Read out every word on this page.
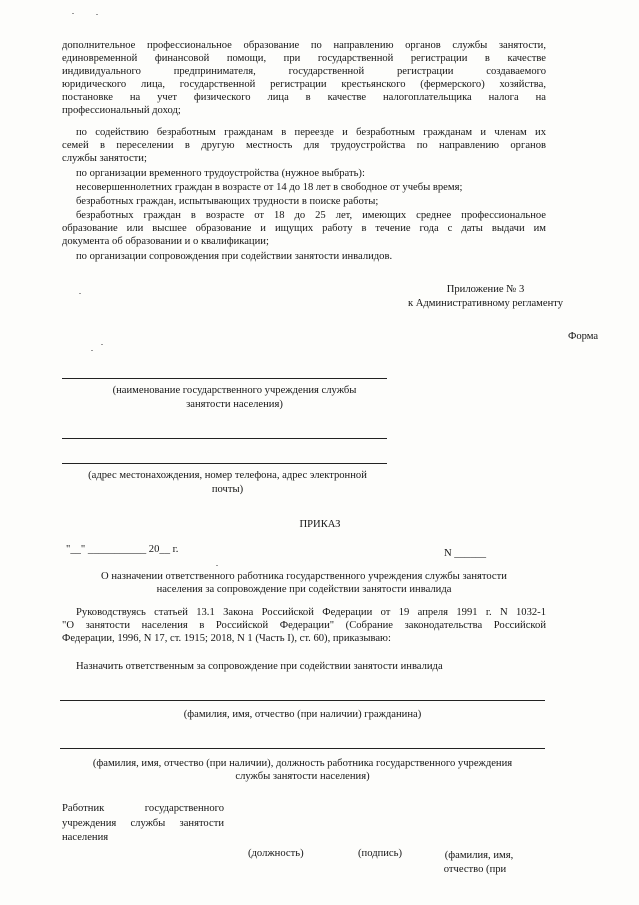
дополнительное профессиональное образование по направлению органов службы занятости,
единовременной финансовой помощи, при государственной регистрации в качестве
индивидуального предпринимателя, государственной регистрации создаваемого
юридического лица, государственной регистрации крестьянского (фермерского) хозяйства,
постановке на учет физического лица в качестве налогоплательщика налога на
профессиональный доход;
по содействию безработным гражданам в переезде и безработным гражданам и членам их
семей в переселении в другую местность для трудоустройства по направлению органов
службы занятости;
по организации временного трудоустройства (нужное выбрать):
несовершеннолетних граждан в возрасте от 14 до 18 лет в свободное от учебы время;
безработных граждан, испытывающих трудности в поиске работы;
безработных граждан в возрасте от 18 до 25 лет, имеющих среднее профессиональное
образование или высшее образование и ищущих работу в течение года с даты выдачи им
документа об образовании и о квалификации;
по организации сопровождения при содействии занятости инвалидов.
Приложение № 3
к Административному регламенту
Форма
(наименование государственного учреждения службы
занятости населения)
(адрес местонахождения, номер телефона, адрес электронной
почты)
ПРИКАЗ
"__" ___________ 20__ г.	N ______
О назначении ответственного работника государственного учреждения службы занятости
населения за сопровождение при содействии занятости инвалида
Руководствуясь статьей 13.1 Закона Российской Федерации от 19 апреля 1991 г. N 1032-1
"О занятости населения в Российской Федерации" (Собрание законодательства Российской
Федерации, 1996, N 17, ст. 1915; 2018, N 1 (Часть I), ст. 60), приказываю:
Назначить ответственным за сопровождение при содействии занятости инвалида
(фамилия, имя, отчество (при наличии) гражданина)
(фамилия, имя, отчество (при наличии), должность работника государственного учреждения
службы занятости населения)
Работник государственного
учреждения службы занятости
населения
(должность)	(подпись)	(фамилия, имя,
отчество (при
